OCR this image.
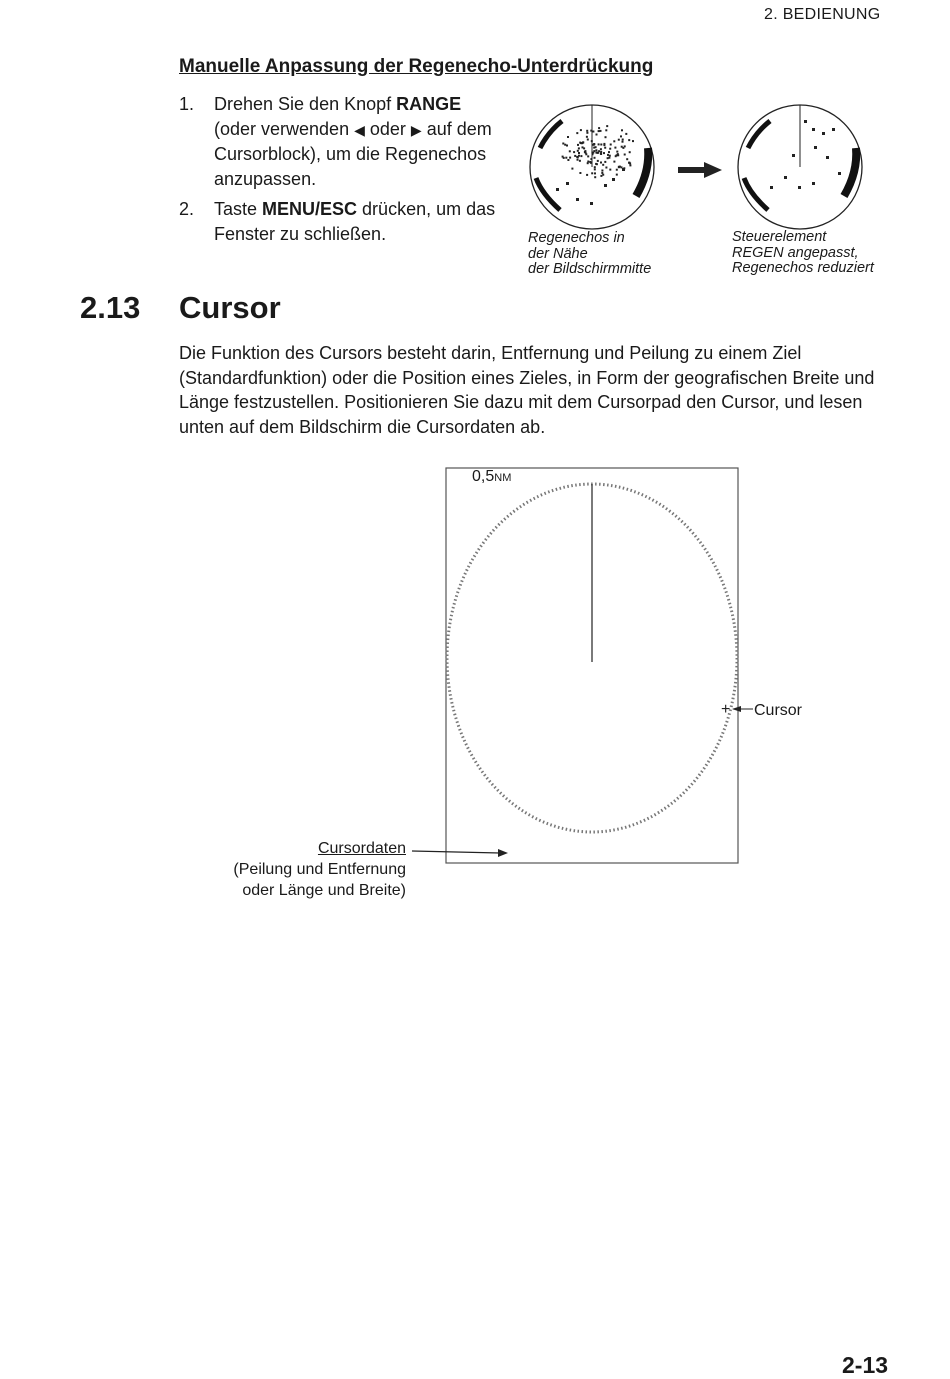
2. BEDIENUNG
Manuelle Anpassung der Regenecho-Unterdrückung
1.	Drehen Sie den Knopf RANGE
(oder verwenden ◀ oder ▶ auf dem Cursorblock), um die Regenechos anzupassen.
2.	Taste MENU/ESC drücken, um das Fenster zu schließen.
+
Regenechos in
der Nähe
der Bildschirmmitte
Steuerelement
REGEN angepasst,
Regenechos reduziert
2.13 Cursor
Die Funktion des Cursors besteht darin, Entfernung und Peilung zu einem Ziel (Standardfunktion) oder die Position eines Zieles, in Form der geografischen Breite und Länge festzustellen. Positionieren Sie dazu mit dem Cursorpad den Cursor, und lesen unten auf dem Bildschirm die Cursordaten ab.
0,5NM
Cursor
Cursordaten
(Peilung und Entfernung
oder Länge und Breite)
2-13
